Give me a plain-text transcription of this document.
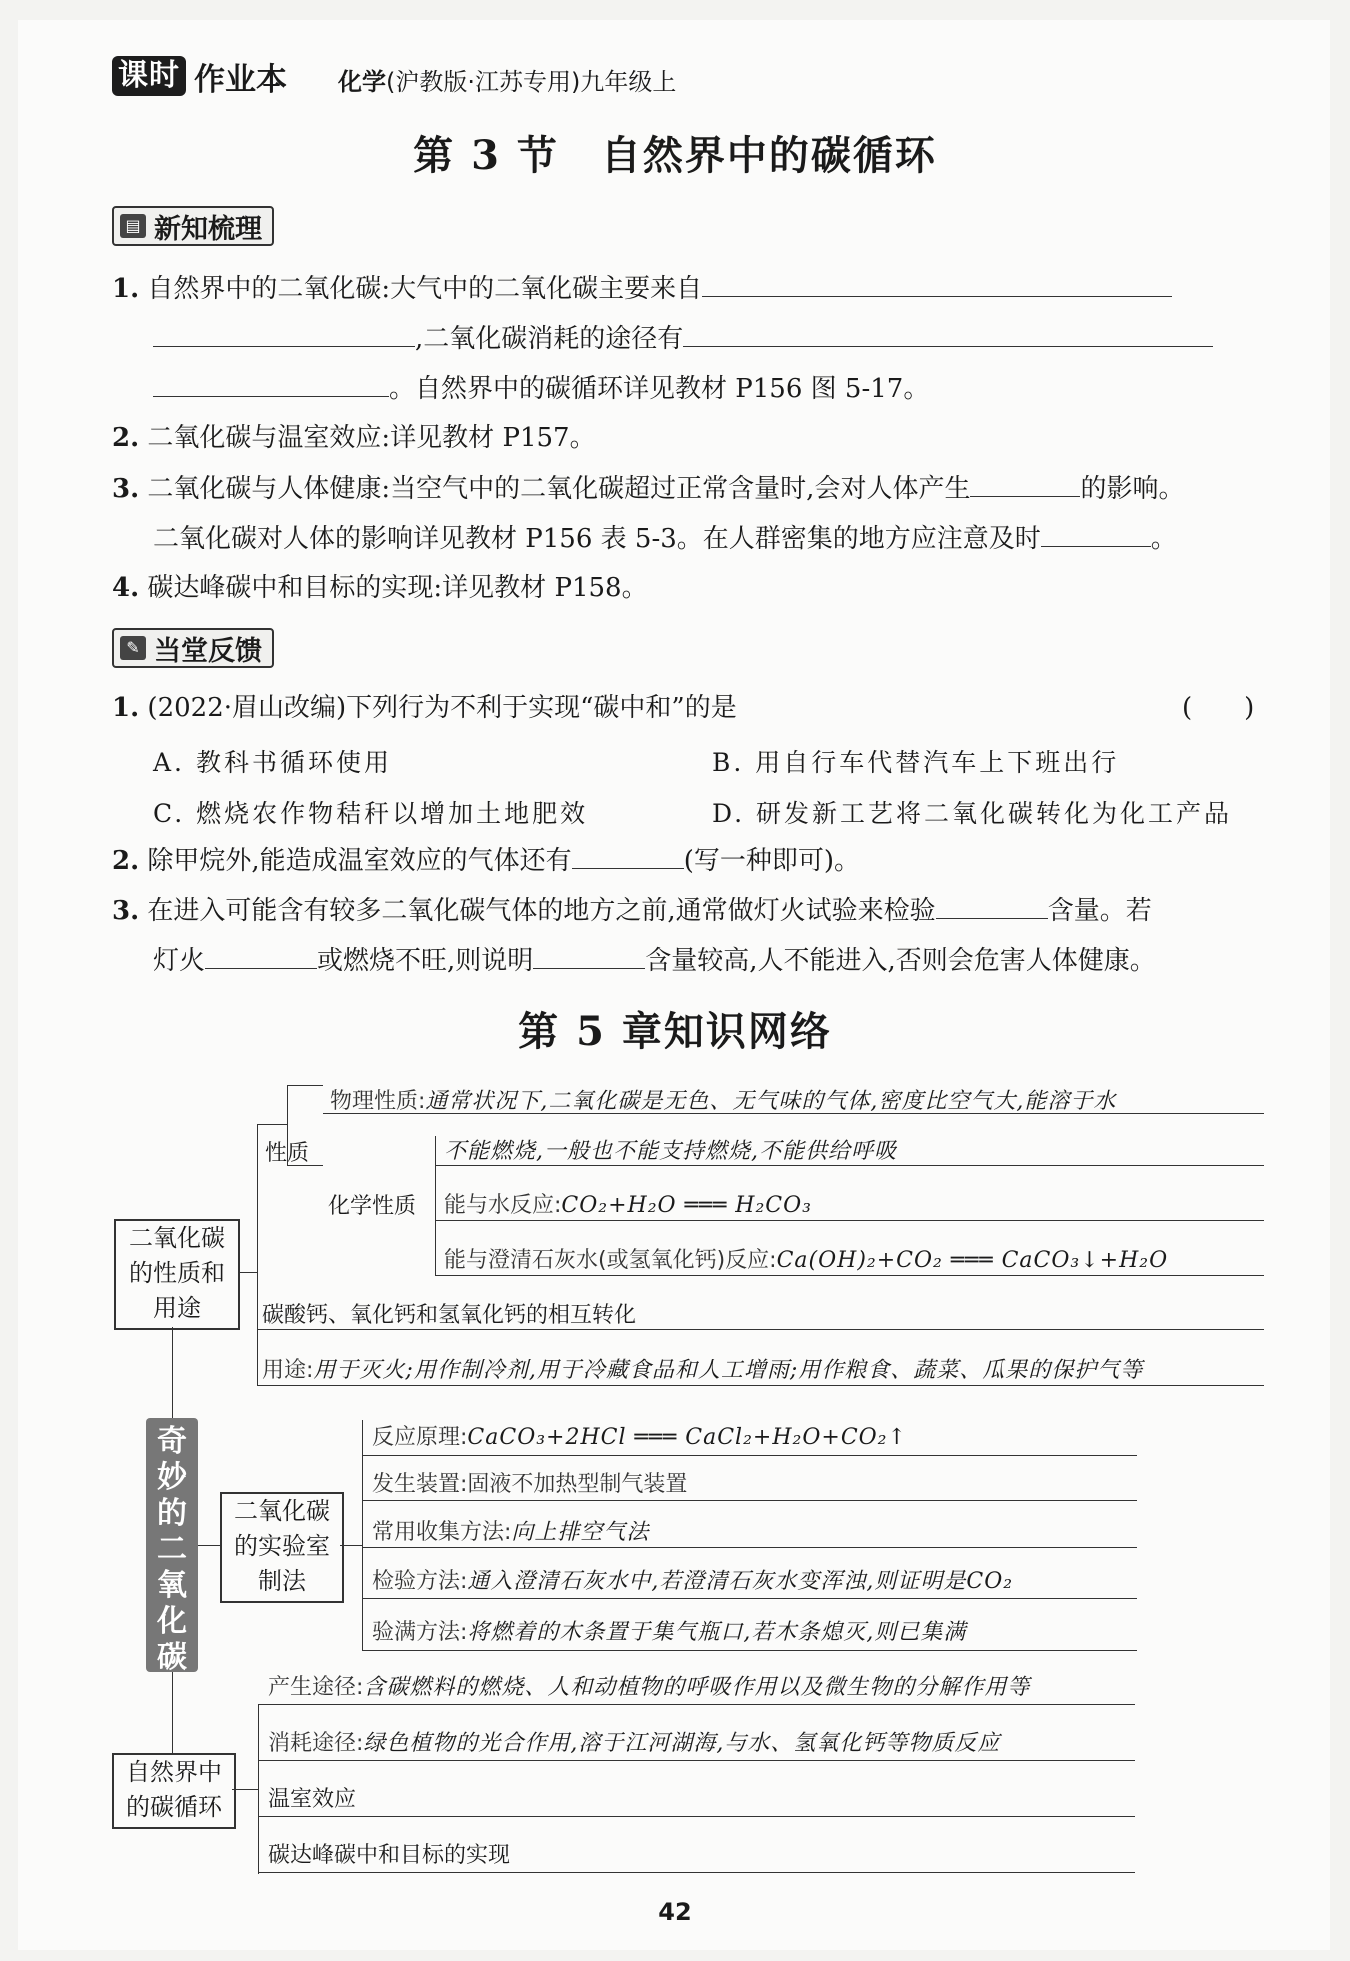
课时 作业本 化学(沪教版·江苏专用)九年级上
第 3 节　自然界中的碳循环
▤ 新知梳理
1. 自然界中的二氧化碳:大气中的二氧化碳主要来自
,二氧化碳消耗的途径有
。自然界中的碳循环详见教材 P156 图 5-17。
2. 二氧化碳与温室效应:详见教材 P157。
3. 二氧化碳与人体健康:当空气中的二氧化碳超过正常含量时,会对人体产生	的影响。
二氧化碳对人体的影响详见教材 P156 表 5-3。在人群密集的地方应注意及时	。
4. 碳达峰碳中和目标的实现:详见教材 P158。
✎ 当堂反馈
1. (2022·眉山改编)下列行为不利于实现“碳中和”的是	(　　)
A. 教科书循环使用	B. 用自行车代替汽车上下班出行
C. 燃烧农作物秸秆以增加土地肥效	D. 研发新工艺将二氧化碳转化为化工产品
2. 除甲烷外,能造成温室效应的气体还有	(写一种即可)。
3. 在进入可能含有较多二氧化碳气体的地方之前,通常做灯火试验来检验	含量。若
灯火	或燃烧不旺,则说明	含量较高,人不能进入,否则会危害人体健康。
第 5 章知识网络
二氧化碳
的性质和
用途
性质
物理性质:通常状况下,二氧化碳是无色、无气味的气体,密度比空气大,能溶于水
化学性质
不能燃烧,一般也不能支持燃烧,不能供给呼吸
能与水反应:CO₂+H₂O ═══ H₂CO₃
能与澄清石灰水(或氢氧化钙)反应:Ca(OH)₂+CO₂ ═══ CaCO₃↓+H₂O
碳酸钙、氧化钙和氢氧化钙的相互转化
用途:用于灭火;用作制冷剂,用于冷藏食品和人工增雨;用作粮食、蔬菜、瓜果的保护气等
奇
妙
的
二
氧
化
碳
二氧化碳
的实验室
制法
反应原理:CaCO₃+2HCl ═══ CaCl₂+H₂O+CO₂↑
发生装置:固液不加热型制气装置
常用收集方法:向上排空气法
检验方法:通入澄清石灰水中,若澄清石灰水变浑浊,则证明是CO₂
验满方法:将燃着的木条置于集气瓶口,若木条熄灭,则已集满
自然界中
的碳循环
产生途径:含碳燃料的燃烧、人和动植物的呼吸作用以及微生物的分解作用等
消耗途径:绿色植物的光合作用,溶于江河湖海,与水、氢氧化钙等物质反应
温室效应
碳达峰碳中和目标的实现
42
